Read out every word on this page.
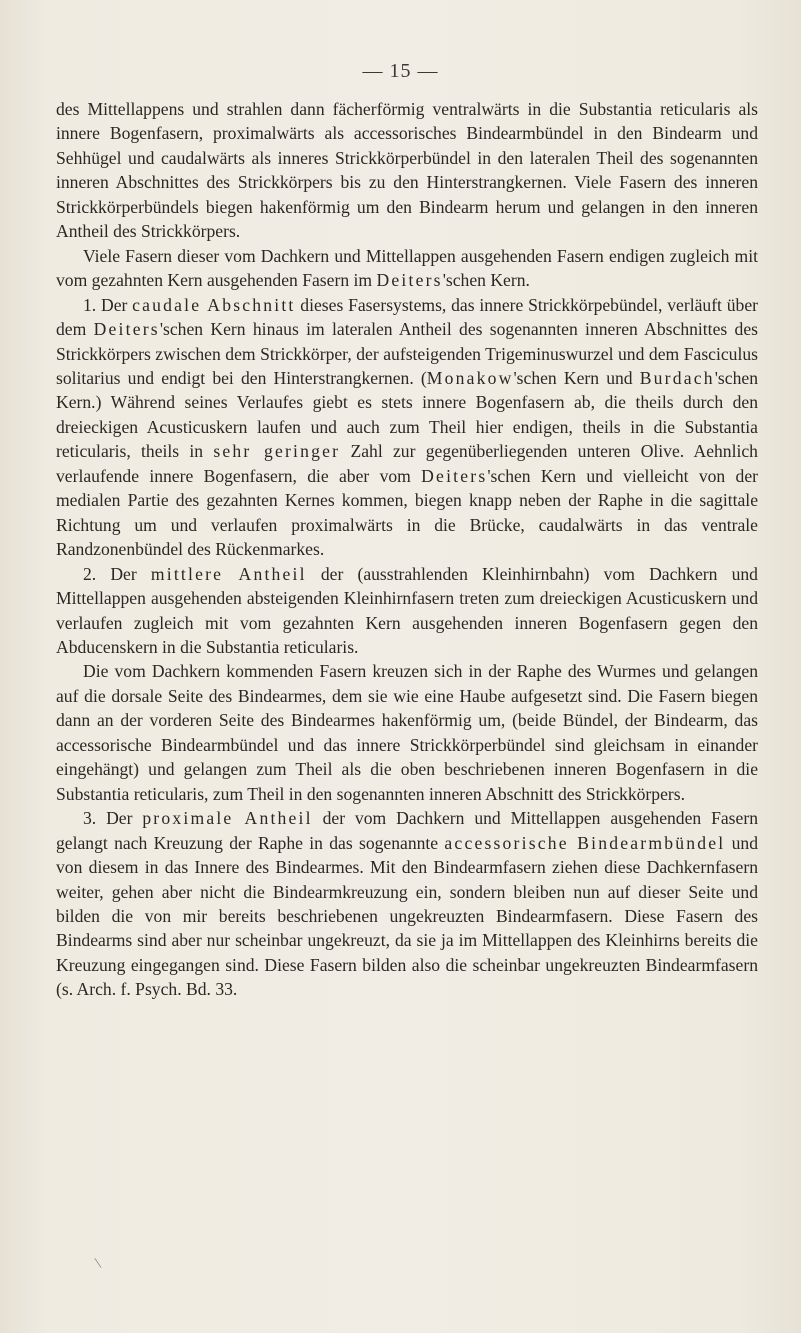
— 15 —

des Mittellappens und strahlen dann fächerförmig ventralwärts in die Substantia reticularis als innere Bogenfasern, proximalwärts als accessorisches Bindearmbündel in den Bindearm und Sehhügel und caudalwärts als inneres Strickkörperbündel in den lateralen Theil des sogenannten inneren Abschnittes des Strickkörpers bis zu den Hinterstrangkernen. Viele Fasern des inneren Strickkörperbündels biegen hakenförmig um den Bindearm herum und gelangen in den inneren Antheil des Strickkörpers.

Viele Fasern dieser vom Dachkern und Mittellappen ausgehenden Fasern endigen zugleich mit vom gezahnten Kern ausgehenden Fasern im Deiters'schen Kern.

1. Der caudale Abschnitt dieses Fasersystems, das innere Strickkörpebündel, verläuft über dem Deiters'schen Kern hinaus im lateralen Antheil des sogenannten inneren Abschnittes des Strickkörpers zwischen dem Strickkörper, der aufsteigenden Trigeminuswurzel und dem Fasciculus solitarius und endigt bei den Hinterstrangkernen. (Monakow'schen Kern und Burdach'schen Kern.) Während seines Verlaufes giebt es stets innere Bogenfasern ab, die theils durch den dreieckigen Acusticuskern laufen und auch zum Theil hier endigen, theils in die Substantia reticularis, theils in sehr geringer Zahl zur gegenüberliegenden unteren Olive. Aehnlich verlaufende innere Bogenfasern, die aber vom Deiters'schen Kern und vielleicht von der medialen Partie des gezahnten Kernes kommen, biegen knapp neben der Raphe in die sagittale Richtung um und verlaufen proximalwärts in die Brücke, caudalwärts in das ventrale Randzonenbündel des Rückenmarkes.

2. Der mittlere Antheil der (ausstrahlenden Kleinhirnbahn) vom Dachkern und Mittellappen ausgehenden absteigenden Kleinhirnfasern treten zum dreieckigen Acusticuskern und verlaufen zugleich mit vom gezahnten Kern ausgehenden inneren Bogenfasern gegen den Abducenskern in die Substantia reticularis.

Die vom Dachkern kommenden Fasern kreuzen sich in der Raphe des Wurmes und gelangen auf die dorsale Seite des Bindearmes, dem sie wie eine Haube aufgesetzt sind. Die Fasern biegen dann an der vorderen Seite des Bindearmes hakenförmig um, (beide Bündel, der Bindearm, das accessorische Bindearmbündel und das innere Strickkörperbündel sind gleichsam in einander eingehängt) und gelangen zum Theil als die oben beschriebenen inneren Bogenfasern in die Substantia reticularis, zum Theil in den sogenannten inneren Abschnitt des Strickkörpers.

3. Der proximale Antheil der vom Dachkern und Mittellappen ausgehenden Fasern gelangt nach Kreuzung der Raphe in das sogenannte accessorische Bindearmbündel und von diesem in das Innere des Bindearmes. Mit den Bindearmfasern ziehen diese Dachkernfasern weiter, gehen aber nicht die Bindearmkreuzung ein, sondern bleiben nun auf dieser Seite und bilden die von mir bereits beschriebenen ungekreuzten Bindearmfasern. Diese Fasern des Bindearms sind aber nur scheinbar ungekreuzt, da sie ja im Mittellappen des Kleinhirns bereits die Kreuzung eingegangen sind. Diese Fasern bilden also die scheinbar ungekreuzten Bindearmfasern (s. Arch. f. Psych. Bd. 33.

\
